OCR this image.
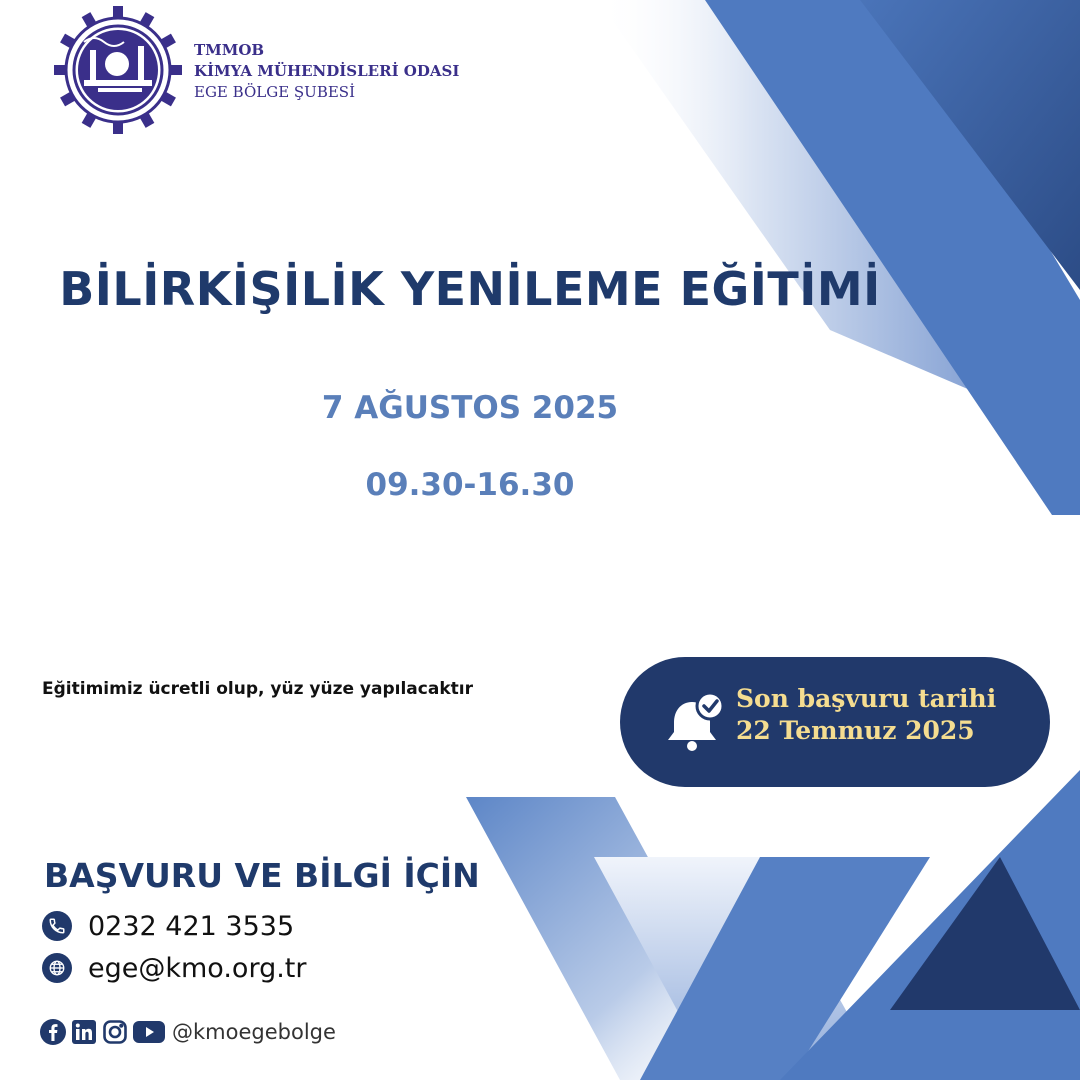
TMMOB
KİMYA MÜHENDİSLERİ ODASI
EGE BÖLGE ŞUBESİ
BİLİRKİŞİLİK YENİLEME EĞİTİMİ
7 AĞUSTOS 2025
09.30-16.30
Eğitimimiz ücretli olup, yüz yüze yapılacaktır	Son başvuru tarihi
22 Temmuz 2025
BAŞVURU VE BİLGİ İÇİN
0232 421 3535
ege@kmo.org.tr
@kmoegebolge
